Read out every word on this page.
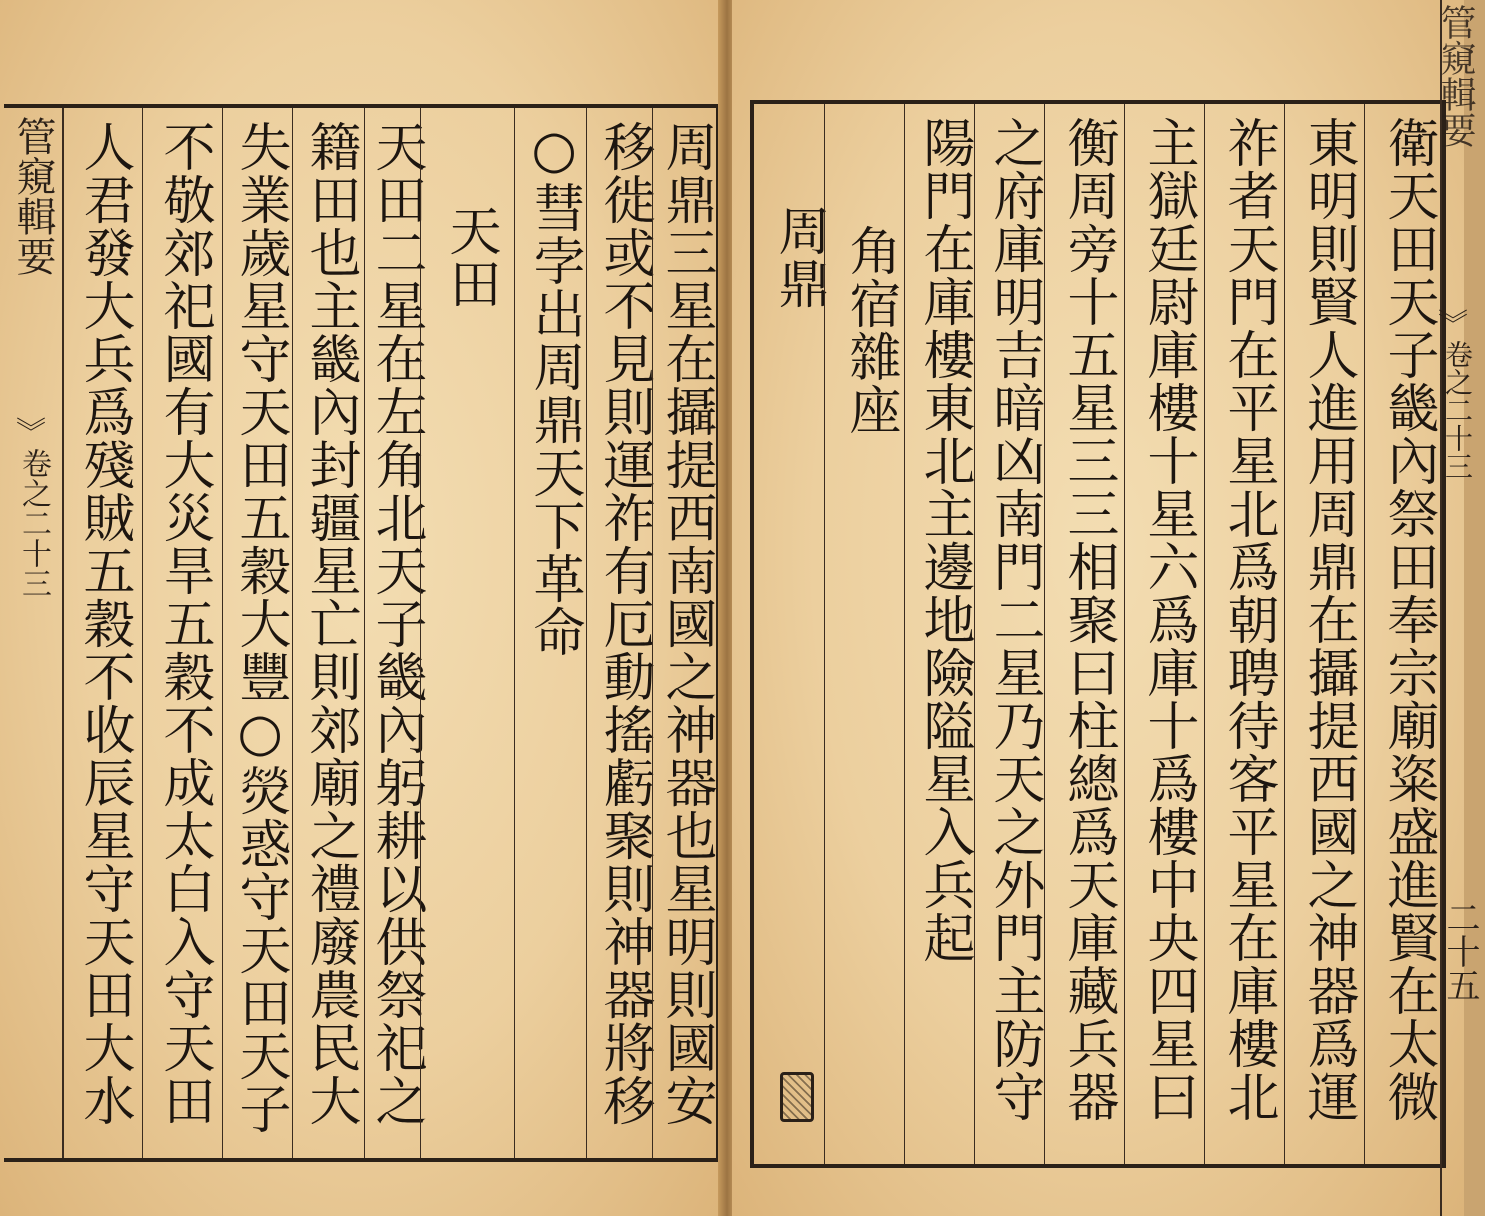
管窺輯要
︾
卷之二十三 人君發大兵爲殘賊五穀不收辰星守天田大水 不敬郊祀國有大災旱五穀不成太白入守天田 失業歲星守天田五穀大豐○熒惑守天田天子 籍田也主畿內封疆星亡則郊廟之禮廢農民大 天田二星在左角北天子畿內躬耕以供祭祀之 天田 ○彗孛出周鼎天下革命 移徙或不見則運祚有厄動搖虧聚則神器將移 周鼎三星在攝提西南國之神器也星明則國安 周鼎 角宿雜座 陽門在庫樓東北主邊地險隘星入兵起 之府庫明吉暗凶南門二星乃天之外門主防守 衡周旁十五星三三相聚曰柱總爲天庫藏兵器 主獄廷尉庫樓十星六爲庫十爲樓中央四星曰 祚者天門在平星北爲朝聘待客平星在庫樓北 東明則賢人進用周鼎在攝提西國之神器爲運 衛天田天子畿內祭田奉宗廟粢盛進賢在太微
管窺輯要
︾
卷之二十三
二十五
